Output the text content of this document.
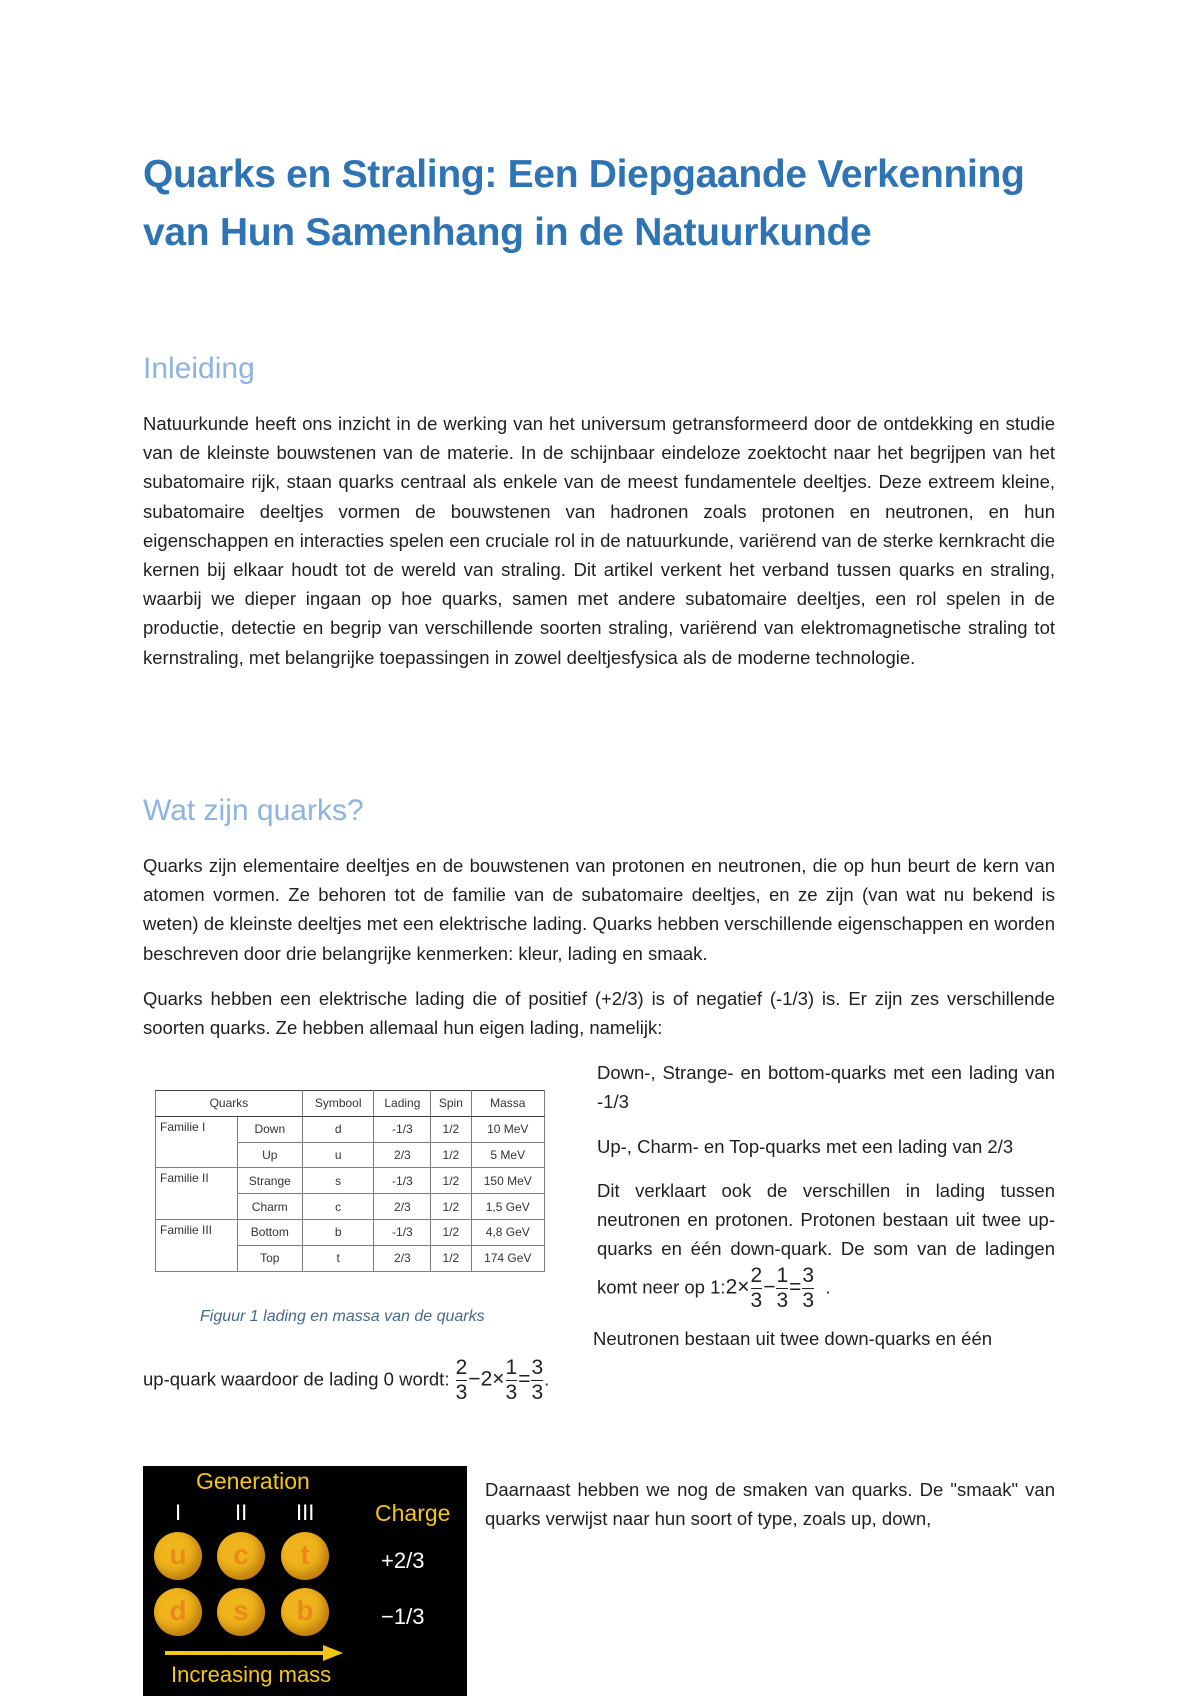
Quarks en Straling: Een Diepgaande Verkenning van Hun Samenhang in de Natuurkunde
Inleiding

Natuurkunde heeft ons inzicht in de werking van het universum getransformeerd door de ontdekking en studie van de kleinste bouwstenen van de materie. In de schijnbaar eindeloze zoektocht naar het begrijpen van het subatomaire rijk, staan quarks centraal als enkele van de meest fundamentele deeltjes. Deze extreem kleine, subatomaire deeltjes vormen de bouwstenen van hadronen zoals protonen en neutronen, en hun eigenschappen en interacties spelen een cruciale rol in de natuurkunde, variërend van de sterke kernkracht die kernen bij elkaar houdt tot de wereld van straling. Dit artikel verkent het verband tussen quarks en straling, waarbij we dieper ingaan op hoe quarks, samen met andere subatomaire deeltjes, een rol spelen in de productie, detectie en begrip van verschillende soorten straling, variërend van elektromagnetische straling tot kernstraling, met belangrijke toepassingen in zowel deeltjesfysica als de moderne technologie.

Wat zijn quarks?

Quarks zijn elementaire deeltjes en de bouwstenen van protonen en neutronen, die op hun beurt de kern van atomen vormen. Ze behoren tot de familie van de subatomaire deeltjes, en ze zijn (van wat nu bekend is weten) de kleinste deeltjes met een elektrische lading. Quarks hebben verschillende eigenschappen en worden beschreven door drie belangrijke kenmerken: kleur, lading en smaak.

Quarks hebben een elektrische lading die of positief (+2/3) is of negatief (-1/3) is. Er zijn zes verschillende soorten quarks. Ze hebben allemaal hun eigen lading, namelijk:

Quarks		Symbool	Lading	Spin	Massa
Familie I	Down	d	-1/3	1/2	10 MeV
	Up	u	2/3	1/2	5 MeV
Familie II	Strange	s	-1/3	1/2	150 MeV
	Charm	c	2/3	1/2	1,5 GeV
Familie III	Bottom	b	-1/3	1/2	4,8 GeV
	Top	t	2/3	1/2	174 GeV

Figuur 1 lading en massa van de quarks

Down-, Strange- en bottom-quarks met een lading van -1/3

Up-, Charm- en Top-quarks met een lading van 2/3

Dit verklaart ook de verschillen in lading tussen neutronen en protonen. Protonen bestaan uit twee up-quarks en één down-quark. De som van de ladingen komt neer op 1:2× $\frac{2}{3} - \frac{1}{3} = \frac{3}{3}$ .

Neutronen bestaan uit twee down-quarks en één

up-quark waardoor de lading 0 wordt: $\frac{2}{3} -2\times \frac{1}{3} = \frac{3}{3}$ .
Generation
I II III	Charge
u	c	t	+2/3
d	s	b	−1/3
Increasing mass

Daarnaast hebben we nog de smaken van quarks. De "smaak" van quarks verwijst naar hun soort of type, zoals up, down,
